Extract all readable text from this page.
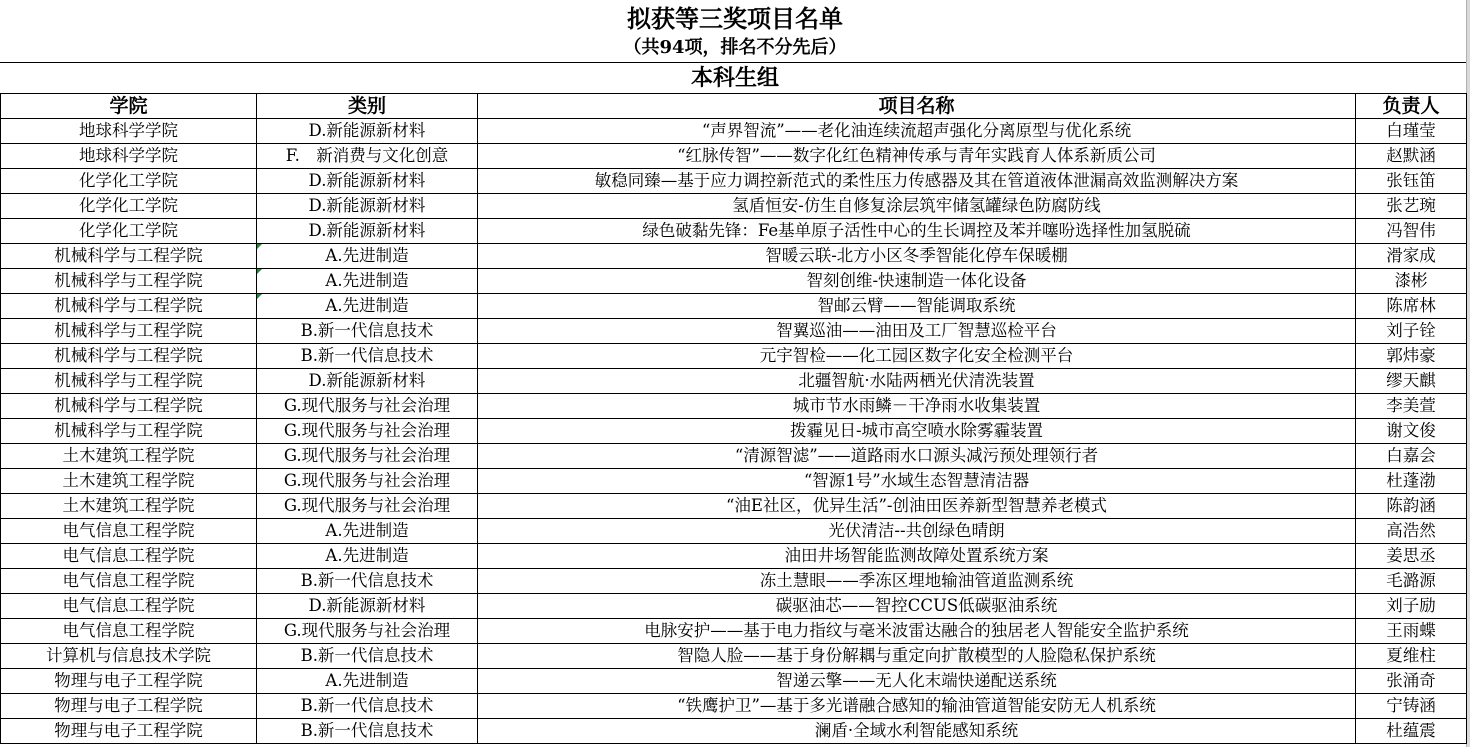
拟获等三奖项目名单
（共94项，排名不分先后）
本科生组
学院	类别	项目名称	负责人
地球科学学院	D.新能源新材料	“声界智流”——老化油连续流超声强化分离原型与优化系统	白瑾莹
地球科学学院	F.　新消费与文化创意	“红脉传智”——数字化红色精神传承与青年实践育人体系新质公司	赵默涵
化学化工学院	D.新能源新材料	敏稳同臻—基于应力调控新范式的柔性压力传感器及其在管道液体泄漏高效监测解决方案	张钰笛
化学化工学院	D.新能源新材料	氢盾恒安-仿生自修复涂层筑牢储氢罐绿色防腐防线	张艺琬
化学化工学院	D.新能源新材料	绿色破黏先锋：Fe基单原子活性中心的生长调控及苯并噻吩选择性加氢脱硫	冯智伟
机械科学与工程学院	A.先进制造	智暖云联-北方小区冬季智能化停车保暖棚	滑家成
机械科学与工程学院	A.先进制造	智刻创维-快速制造一体化设备	漆彬
机械科学与工程学院	A.先进制造	智邮云臂——智能调取系统	陈席林
机械科学与工程学院	B.新一代信息技术	智翼巡油——油田及工厂智慧巡检平台	刘子铨
机械科学与工程学院	B.新一代信息技术	元宇智检——化工园区数字化安全检测平台	郭炜豪
机械科学与工程学院	D.新能源新材料	北疆智航·水陆两栖光伏清洗装置	缪天麒
机械科学与工程学院	G.现代服务与社会治理	城市节水雨鳞－干净雨水收集装置	李美萱
机械科学与工程学院	G.现代服务与社会治理	拨霾见日-城市高空喷水除雾霾装置	谢文俊
土木建筑工程学院	G.现代服务与社会治理	“清源智滤”——道路雨水口源头减污预处理领行者	白嘉会
土木建筑工程学院	G.现代服务与社会治理	“智源1号”水域生态智慧清洁器	杜蓬渤
土木建筑工程学院	G.现代服务与社会治理	“油E社区，优异生活”-创油田医养新型智慧养老模式	陈韵涵
电气信息工程学院	A.先进制造	光伏清洁--共创绿色晴朗	高浩然
电气信息工程学院	A.先进制造	油田井场智能监测故障处置系统方案	姜思丞
电气信息工程学院	B.新一代信息技术	冻土慧眼——季冻区埋地输油管道监测系统	毛潞源
电气信息工程学院	D.新能源新材料	碳驱油芯——智控CCUS低碳驱油系统	刘子励
电气信息工程学院	G.现代服务与社会治理	电脉安护——基于电力指纹与毫米波雷达融合的独居老人智能安全监护系统	王雨蝶
计算机与信息技术学院	B.新一代信息技术	智隐人脸——基于身份解耦与重定向扩散模型的人脸隐私保护系统	夏维柱
物理与电子工程学院	A.先进制造	智递云擎——无人化末端快递配送系统	张涌奇
物理与电子工程学院	B.新一代信息技术	“铁鹰护卫”—基于多光谱融合感知的输油管道智能安防无人机系统	宁铸涵
物理与电子工程学院	B.新一代信息技术	澜盾·全域水利智能感知系统	杜蕴震
